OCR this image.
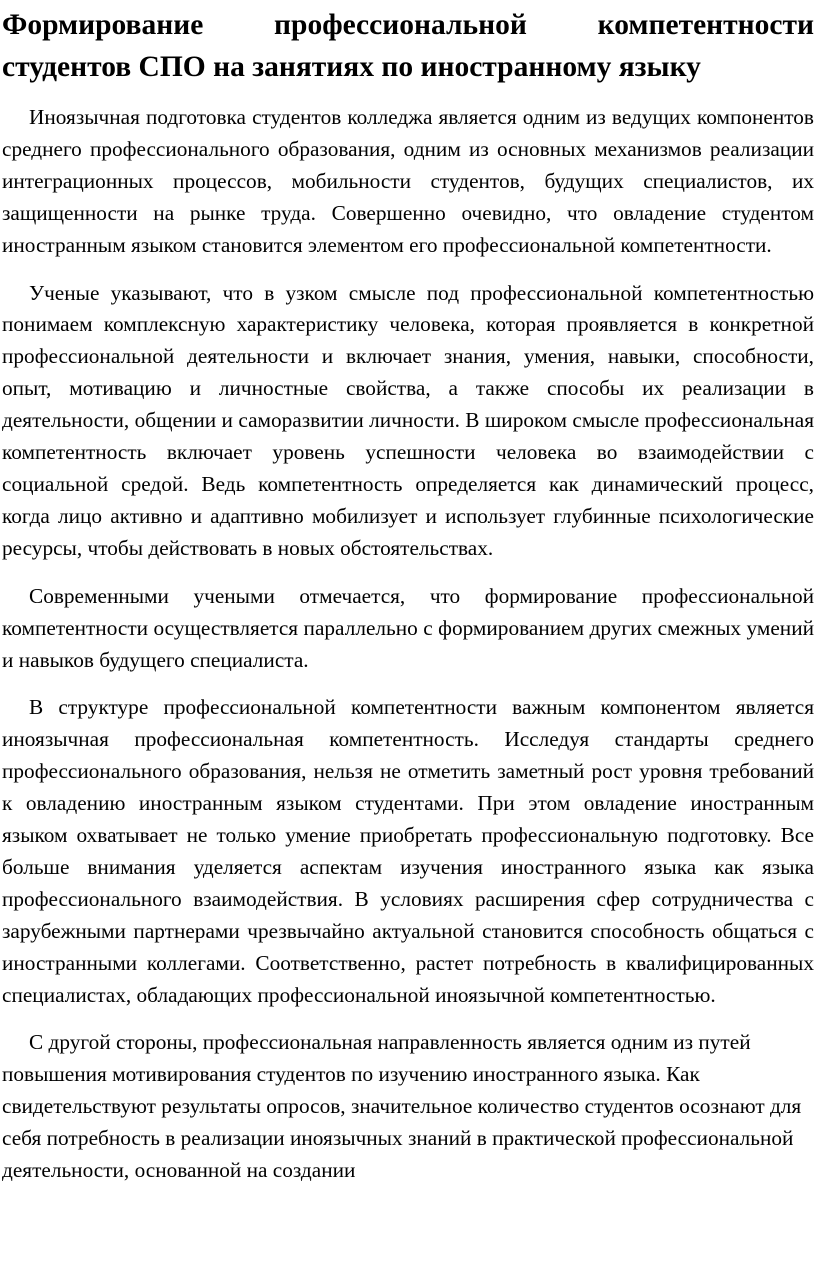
Формирование профессиональной компетентности студентов СПО на занятиях по иностранному языку

Иноязычная подготовка студентов колледжа является одним из ведущих компонентов среднего профессионального образования, одним из основных механизмов реализации интеграционных процессов, мобильности студентов, будущих специалистов, их защищенности на рынке труда. Совершенно очевидно, что овладение студентом иностранным языком становится элементом его профессиональной компетентности.

Ученые указывают, что в узком смысле под профессиональной компетентностью понимаем комплексную характеристику человека, которая проявляется в конкретной профессиональной деятельности и включает знания, умения, навыки, способности, опыт, мотивацию и личностные свойства, а также способы их реализации в деятельности, общении и саморазвитии личности. В широком смысле профессиональная компетентность включает уровень успешности человека во взаимодействии с социальной средой. Ведь компетентность определяется как динамический процесс, когда лицо активно и адаптивно мобилизует и использует глубинные психологические ресурсы, чтобы действовать в новых обстоятельствах.

Современными учеными отмечается, что формирование профессиональной компетентности осуществляется параллельно с формированием других смежных умений и навыков будущего специалиста.

В структуре профессиональной компетентности важным компонентом является иноязычная профессиональная компетентность. Исследуя стандарты среднего профессионального образования, нельзя не отметить заметный рост уровня требований к овладению иностранным языком студентами. При этом овладение иностранным языком охватывает не только умение приобретать профессиональную подготовку. Все больше внимания уделяется аспектам изучения иностранного языка как языка профессионального взаимодействия. В условиях расширения сфер сотрудничества с зарубежными партнерами чрезвычайно актуальной становится способность общаться с иностранными коллегами. Соответственно, растет потребность в квалифицированных специалистах, обладающих профессиональной иноязычной компетентностью.

С другой стороны, профессиональная направленность является одним из путей повышения мотивирования студентов по изучению иностранного языка. Как свидетельствуют результаты опросов, значительное количество студентов осознают для себя потребность в реализации иноязычных знаний в практической профессиональной деятельности, основанной на создании
